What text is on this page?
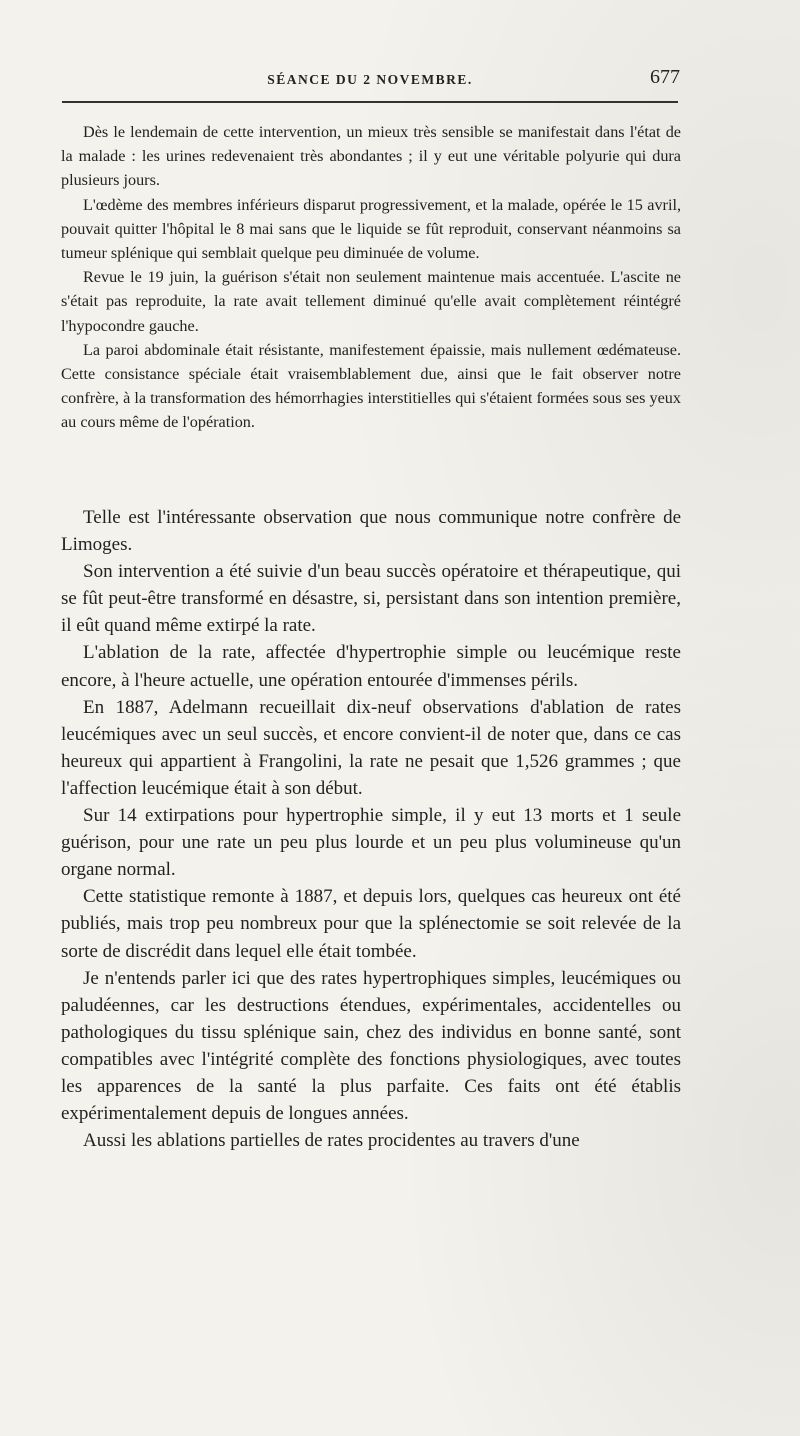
SÉANCE DU 2 NOVEMBRE.	677

Dès le lendemain de cette intervention, un mieux très sensible se manifestait dans l'état de la malade : les urines redevenaient très abondantes ; il y eut une véritable polyurie qui dura plusieurs jours.

L'œdème des membres inférieurs disparut progressivement, et la malade, opérée le 15 avril, pouvait quitter l'hôpital le 8 mai sans que le liquide se fût reproduit, conservant néanmoins sa tumeur splénique qui semblait quelque peu diminuée de volume.

Revue le 19 juin, la guérison s'était non seulement maintenue mais accentuée. L'ascite ne s'était pas reproduite, la rate avait tellement diminué qu'elle avait complètement réintégré l'hypocondre gauche.

La paroi abdominale était résistante, manifestement épaissie, mais nullement œdémateuse. Cette consistance spéciale était vraisemblablement due, ainsi que le fait observer notre confrère, à la transformation des hémorrhagies interstitielles qui s'étaient formées sous ses yeux au cours même de l'opération.

Telle est l'intéressante observation que nous communique notre confrère de Limoges.

Son intervention a été suivie d'un beau succès opératoire et thérapeutique, qui se fût peut-être transformé en désastre, si, persistant dans son intention première, il eût quand même extirpé la rate.

L'ablation de la rate, affectée d'hypertrophie simple ou leucémique reste encore, à l'heure actuelle, une opération entourée d'immenses périls.

En 1887, Adelmann recueillait dix-neuf observations d'ablation de rates leucémiques avec un seul succès, et encore convient-il de noter que, dans ce cas heureux qui appartient à Frangolini, la rate ne pesait que 1,526 grammes ; que l'affection leucémique était à son début.

Sur 14 extirpations pour hypertrophie simple, il y eut 13 morts et 1 seule guérison, pour une rate un peu plus lourde et un peu plus volumineuse qu'un organe normal.

Cette statistique remonte à 1887, et depuis lors, quelques cas heureux ont été publiés, mais trop peu nombreux pour que la splénectomie se soit relevée de la sorte de discrédit dans lequel elle était tombée.

Je n'entends parler ici que des rates hypertrophiques simples, leucémiques ou paludéennes, car les destructions étendues, expérimentales, accidentelles ou pathologiques du tissu splénique sain, chez des individus en bonne santé, sont compatibles avec l'intégrité complète des fonctions physiologiques, avec toutes les apparences de la santé la plus parfaite. Ces faits ont été établis expérimentalement depuis de longues années.

Aussi les ablations partielles de rates procidentes au travers d'une
